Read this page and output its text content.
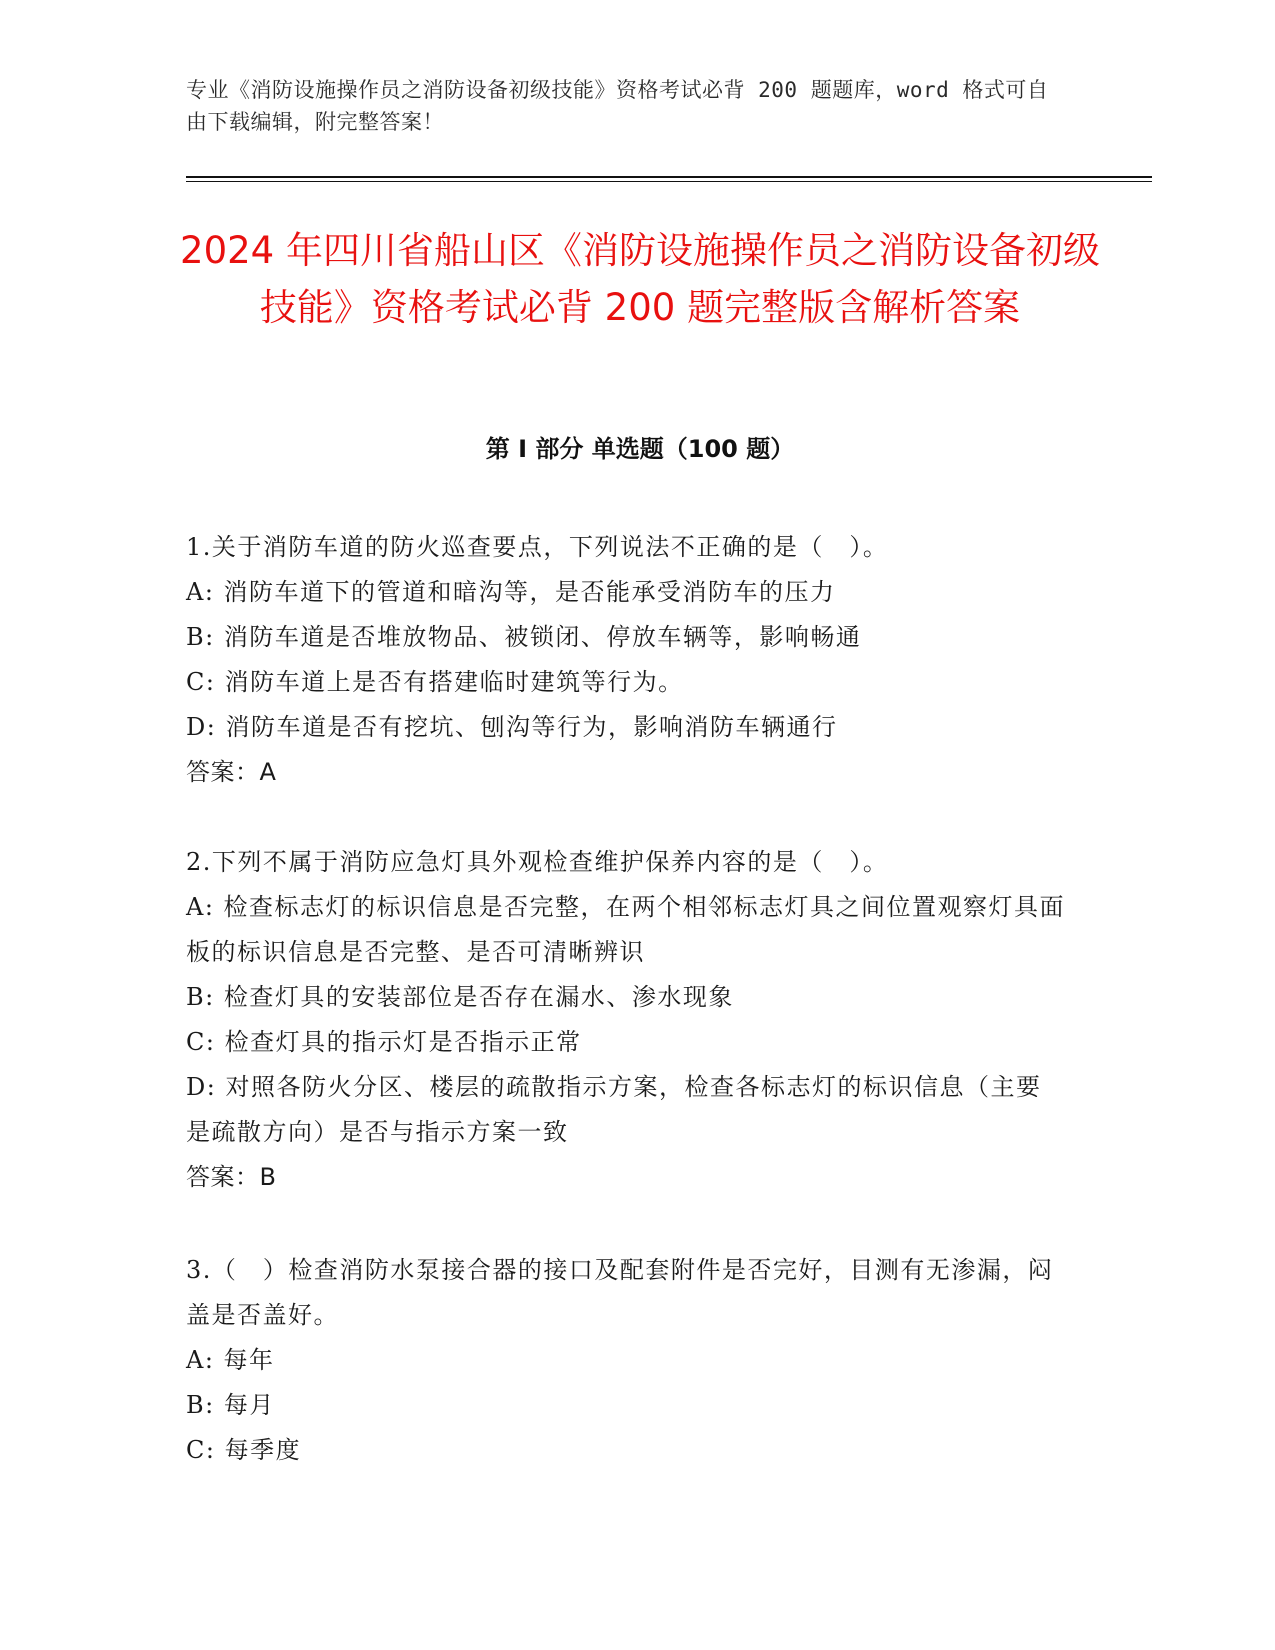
专业《消防设施操作员之消防设备初级技能》资格考试必背 200 题题库，word 格式可自由下载编辑，附完整答案！
2024 年四川省船山区《消防设施操作员之消防设备初级技能》资格考试必背 200 题完整版含解析答案
第 I 部分 单选题（100 题）
1.关于消防车道的防火巡查要点，下列说法不正确的是（　）。
A: 消防车道下的管道和暗沟等，是否能承受消防车的压力
B: 消防车道是否堆放物品、被锁闭、停放车辆等，影响畅通
C: 消防车道上是否有搭建临时建筑等行为。
D: 消防车道是否有挖坑、刨沟等行为，影响消防车辆通行
答案：A
2.下列不属于消防应急灯具外观检查维护保养内容的是（　）。
A: 检查标志灯的标识信息是否完整，在两个相邻标志灯具之间位置观察灯具面板的标识信息是否完整、是否可清晰辨识
B: 检查灯具的安装部位是否存在漏水、渗水现象
C: 检查灯具的指示灯是否指示正常
D: 对照各防火分区、楼层的疏散指示方案，检查各标志灯的标识信息（主要是疏散方向）是否与指示方案一致
答案：B
3.（　）检查消防水泵接合器的接口及配套附件是否完好，目测有无渗漏，闷盖是否盖好。
A: 每年
B: 每月
C: 每季度
